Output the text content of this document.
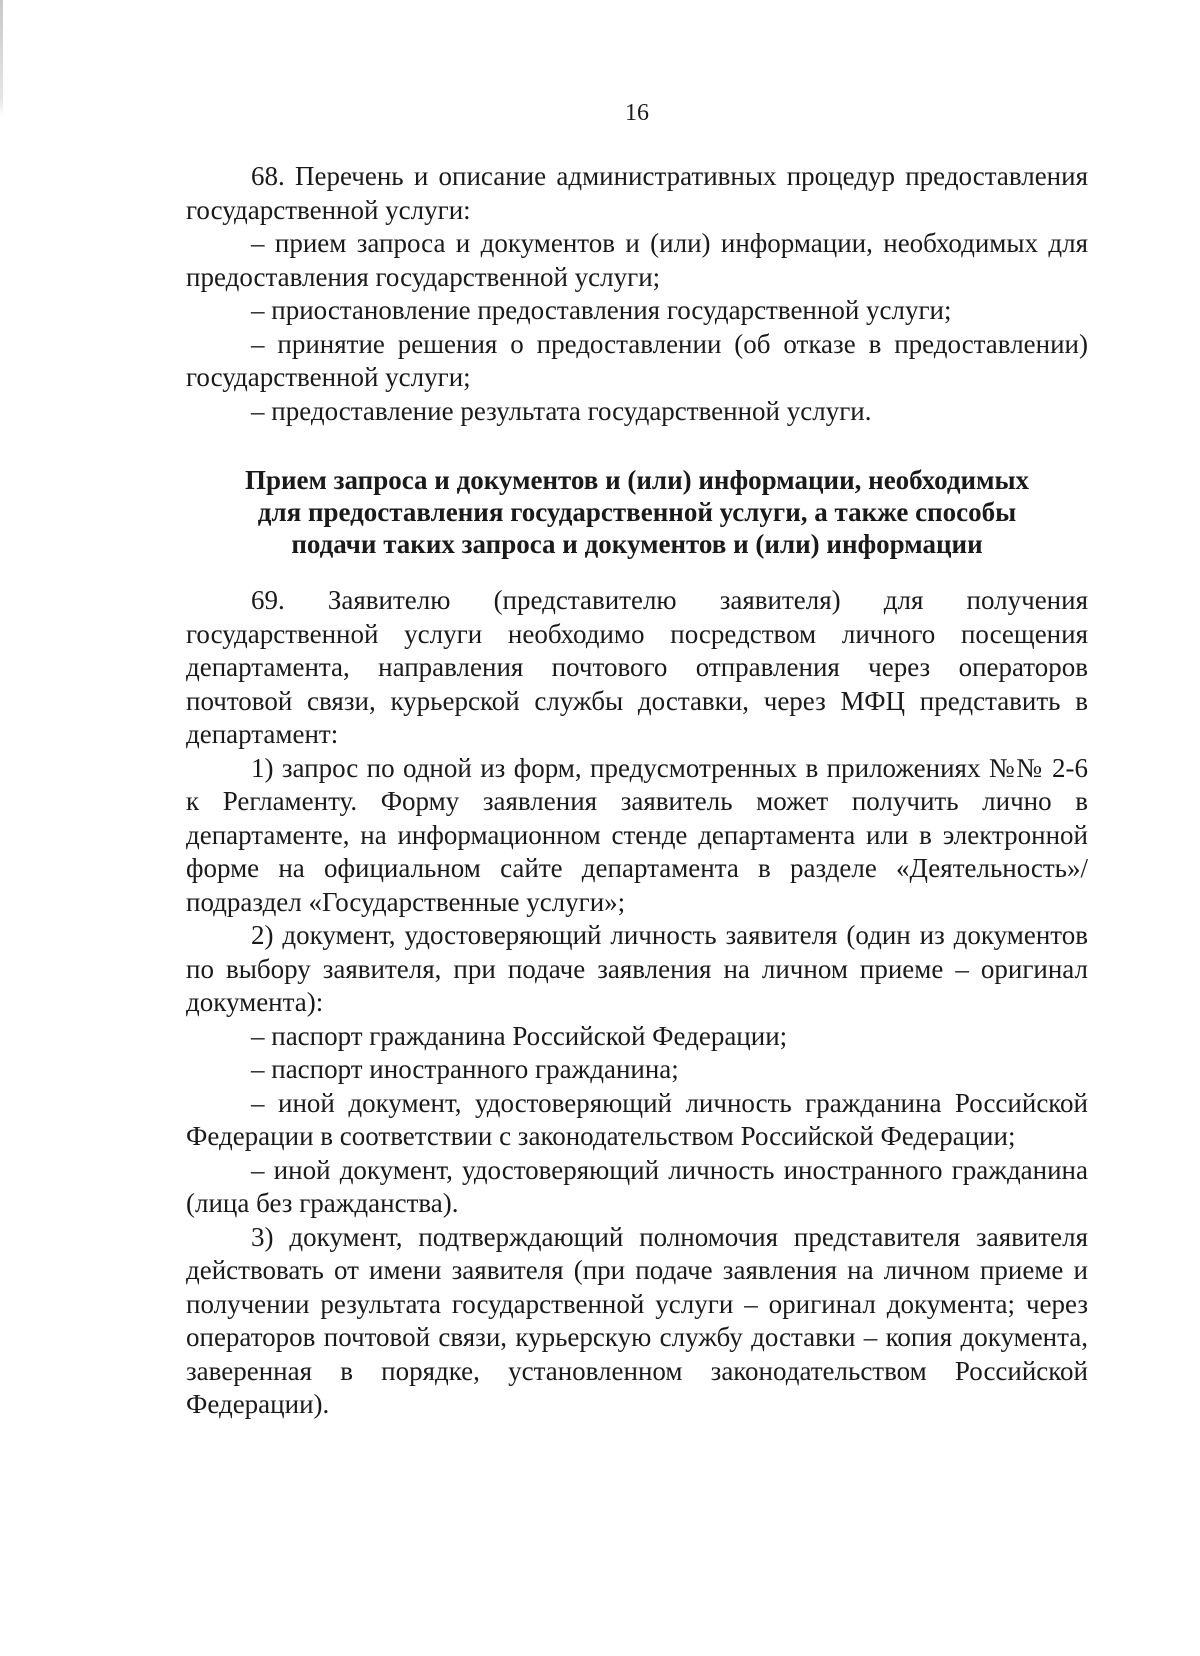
16

68. Перечень и описание административных процедур предоставления государственной услуги:

– прием запроса и документов и (или) информации, необходимых для предоставления государственной услуги;

– приостановление предоставления государственной услуги;

– принятие решения о предоставлении (об отказе в предоставлении) государственной услуги;

– предоставление результата государственной услуги.

Прием запроса и документов и (или) информации, необходимых
для предоставления государственной услуги, а также способы
подачи таких запроса и документов и (или) информации

69. Заявителю (представителю заявителя) для получения государственной услуги необходимо посредством личного посещения департамента, направления почтового отправления через операторов почтовой связи, курьерской службы доставки, через МФЦ представить в департамент:

1) запрос по одной из форм, предусмотренных в приложениях №№ 2-6 к Регламенту. Форму заявления заявитель может получить лично в департаменте, на информационном стенде департамента или в электронной форме на официальном сайте департамента в разделе «Деятельность»/подраздел «Государственные услуги»;

2) документ, удостоверяющий личность заявителя (один из документов по выбору заявителя, при подаче заявления на личном приеме – оригинал документа):

– паспорт гражданина Российской Федерации;

– паспорт иностранного гражданина;

– иной документ, удостоверяющий личность гражданина Российской Федерации в соответствии с законодательством Российской Федерации;

– иной документ, удостоверяющий личность иностранного гражданина (лица без гражданства).

3) документ, подтверждающий полномочия представителя заявителя действовать от имени заявителя (при подаче заявления на личном приеме и получении результата государственной услуги – оригинал документа; через операторов почтовой связи, курьерскую службу доставки – копия документа, заверенная в порядке, установленном законодательством Российской Федерации).
